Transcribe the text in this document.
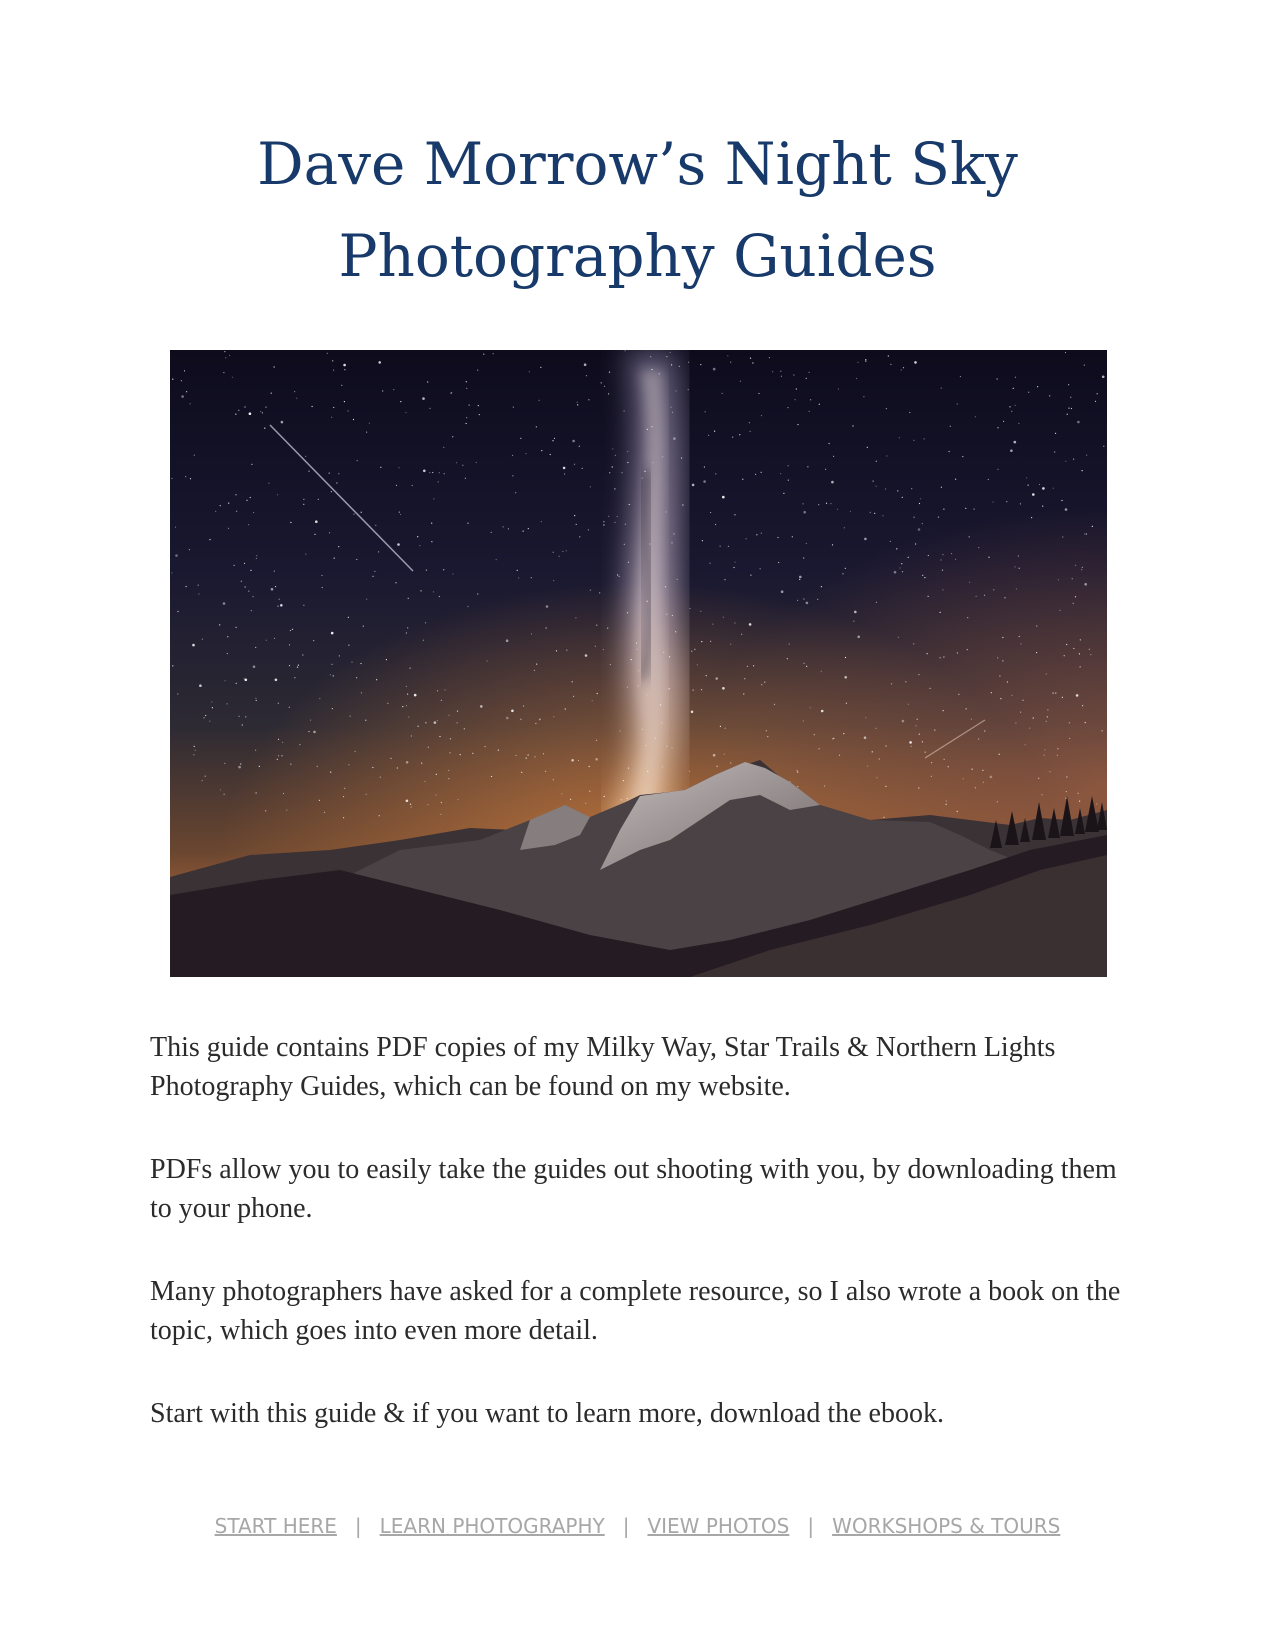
Dave Morrow’s Night Sky
Photography Guides

This guide contains PDF copies of my Milky Way, Star Trails & Northern Lights Photography Guides, which can be found on my website.

PDFs allow you to easily take the guides out shooting with you, by downloading them to your phone.

Many photographers have asked for a complete resource, so I also wrote a book on the topic, which goes into even more detail.

Start with this guide & if you want to learn more, download the ebook.

START HERE | LEARN PHOTOGRAPHY | VIEW PHOTOS | WORKSHOPS & TOURS
